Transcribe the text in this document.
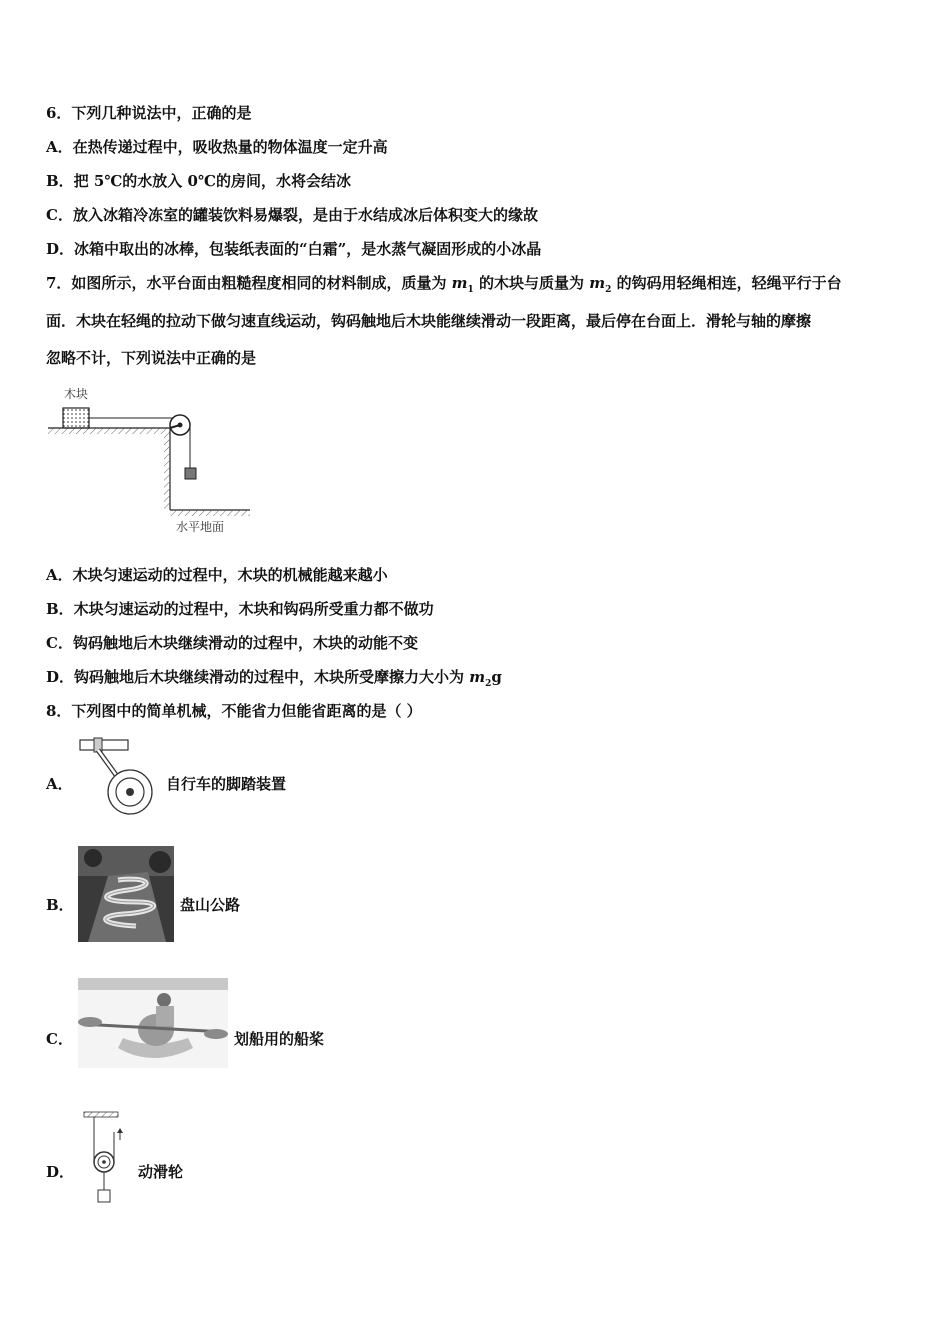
6．下列几种说法中，正确的是
A．在热传递过程中，吸收热量的物体温度一定升高
B．把 5℃的水放入 0℃的房间，水将会结冰
C．放入冰箱冷冻室的罐装饮料易爆裂，是由于水结成冰后体积变大的缘故
D．冰箱中取出的冰棒，包装纸表面的“白霜”，是水蒸气凝固形成的小冰晶
7．如图所示，水平台面由粗糙程度相同的材料制成，质量为 $m_1$ 的木块与质量为 $m_2$ 的钩码用轻绳相连，轻绳平行于台
面．木块在轻绳的拉动下做匀速直线运动，钩码触地后木块能继续滑动一段距离，最后停在台面上．滑轮与轴的摩擦
忽略不计，下列说法中正确的是
木块
水平地面
A．木块匀速运动的过程中，木块的机械能越来越小
B．木块匀速运动的过程中，木块和钩码所受重力都不做功
C．钩码触地后木块继续滑动的过程中，木块的动能不变
D．钩码触地后木块继续滑动的过程中，木块所受摩擦力大小为 $m_2g$
8．下列图中的简单机械，不能省力但能省距离的是（ ）
A．	自行车的脚踏装置
B．	盘山公路
C．	划船用的船桨
D．	动滑轮
